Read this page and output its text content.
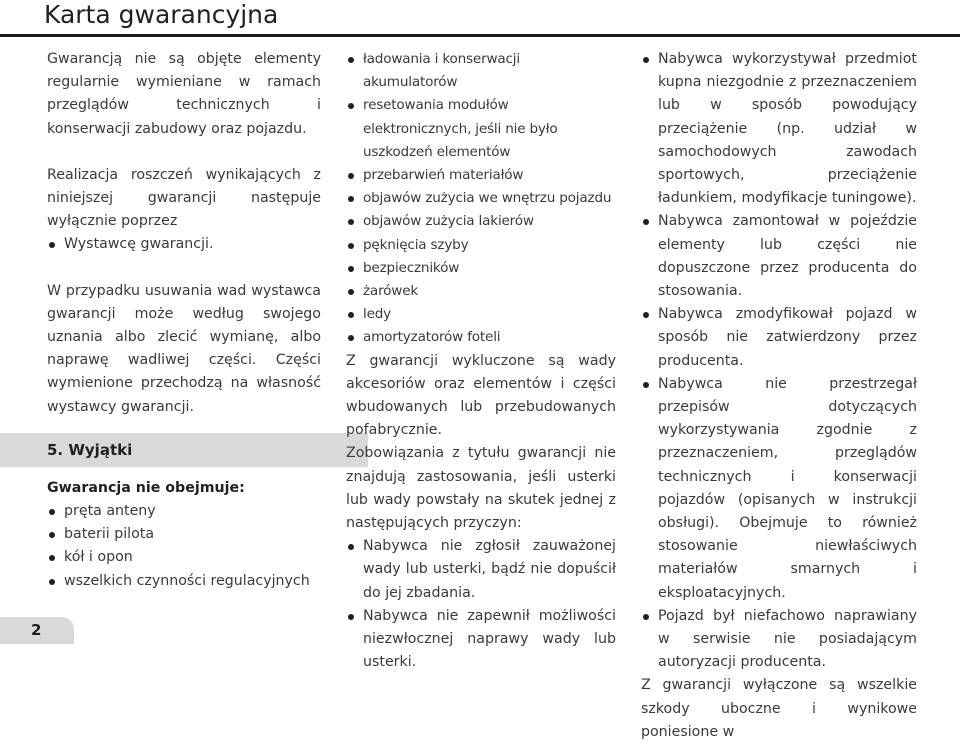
Karta gwarancyjna

Gwarancją nie są objęte elementy regularnie wymieniane w ramach przeglądów technicznych i konserwacji zabudowy oraz pojazdu.

Realizacja roszczeń wynikających z niniejszej gwarancji następuje wyłącznie poprzez

Wystawcę gwarancji.

W przypadku usuwania wad wystawca gwarancji może według swojego uznania albo zlecić wymianę, albo naprawę wadliwej części. Części wymienione przechodzą na własność wystawcy gwarancji.

5. Wyjątki

Gwarancja nie obejmuje:

pręta anteny
baterii pilota
kół i opon
wszelkich czynności regulacyjnych
ładowania i konserwacji akumulatorów
resetowania modułów elektronicznych, jeśli nie było uszkodzeń elementów
przebarwień materiałów
objawów zużycia we wnętrzu pojazdu
objawów zużycia lakierów
pęknięcia szyby
bezpieczników
żarówek
ledy
amortyzatorów foteli

Z gwarancji wykluczone są wady akcesoriów oraz elementów i części wbudowanych lub przebudowanych pofabrycznie.

Zobowiązania z tytułu gwarancji nie znajdują zastosowania, jeśli usterki lub wady powstały na skutek jednej z następujących przyczyn:

Nabywca nie zgłosił zauważonej wady lub usterki, bądź nie dopuścił do jej zbadania.
Nabywca nie zapewnił możliwości niezwłocznej naprawy wady lub usterki.
Nabywca wykorzystywał przedmiot kupna niezgodnie z przeznaczeniem lub w sposób powodujący przeciążenie (np. udział w samochodowych zawodach sportowych, przeciążenie ładunkiem, modyfikacje tuningowe).
Nabywca zamontował w pojeździe elementy lub części nie dopuszczone przez producenta do stosowania.
Nabywca zmodyfikował pojazd w sposób nie zatwierdzony przez producenta.
Nabywca nie przestrzegał przepisów dotyczących wykorzystywania zgodnie z przeznaczeniem, przeglądów technicznych i konserwacji pojazdów (opisanych w instrukcji obsługi). Obejmuje to również stosowanie niewłaściwych materiałów smarnych i eksploatacyjnych.
Pojazd był niefachowo naprawiany w serwisie nie posiadającym autoryzacji producenta.

Z gwarancji wyłączone są wszelkie szkody uboczne i wynikowe poniesione w

2
